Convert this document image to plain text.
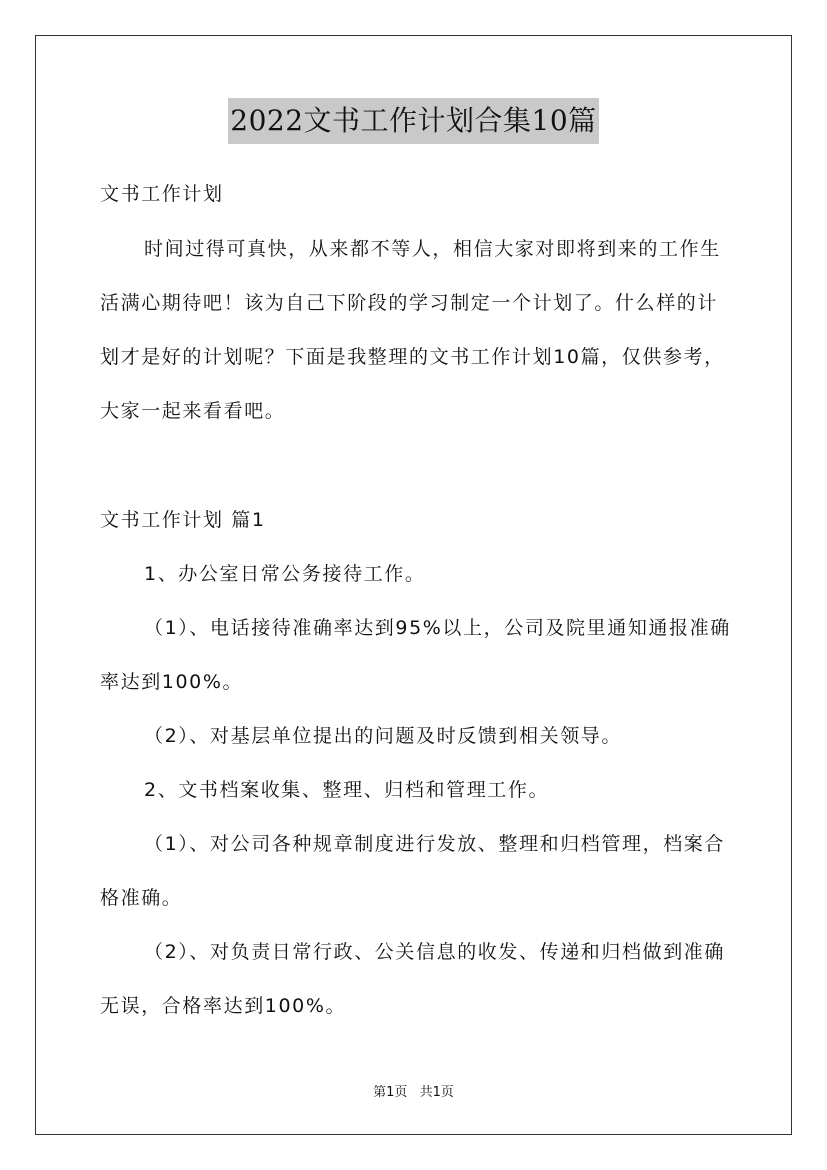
2022文书工作计划合集10篇
文书工作计划
时间过得可真快，从来都不等人，相信大家对即将到来的工作生
活满心期待吧！该为自己下阶段的学习制定一个计划了。什么样的计
划才是好的计划呢？下面是我整理的文书工作计划10篇，仅供参考，
大家一起来看看吧。
文书工作计划 篇1
1、办公室日常公务接待工作。
（1）、电话接待准确率达到95%以上，公司及院里通知通报准确
率达到100%。
（2）、对基层单位提出的问题及时反馈到相关领导。
2、文书档案收集、整理、归档和管理工作。
（1）、对公司各种规章制度进行发放、整理和归档管理，档案合
格准确。
（2）、对负责日常行政、公关信息的收发、传递和归档做到准确
无误，合格率达到100%。
第1页 共1页
